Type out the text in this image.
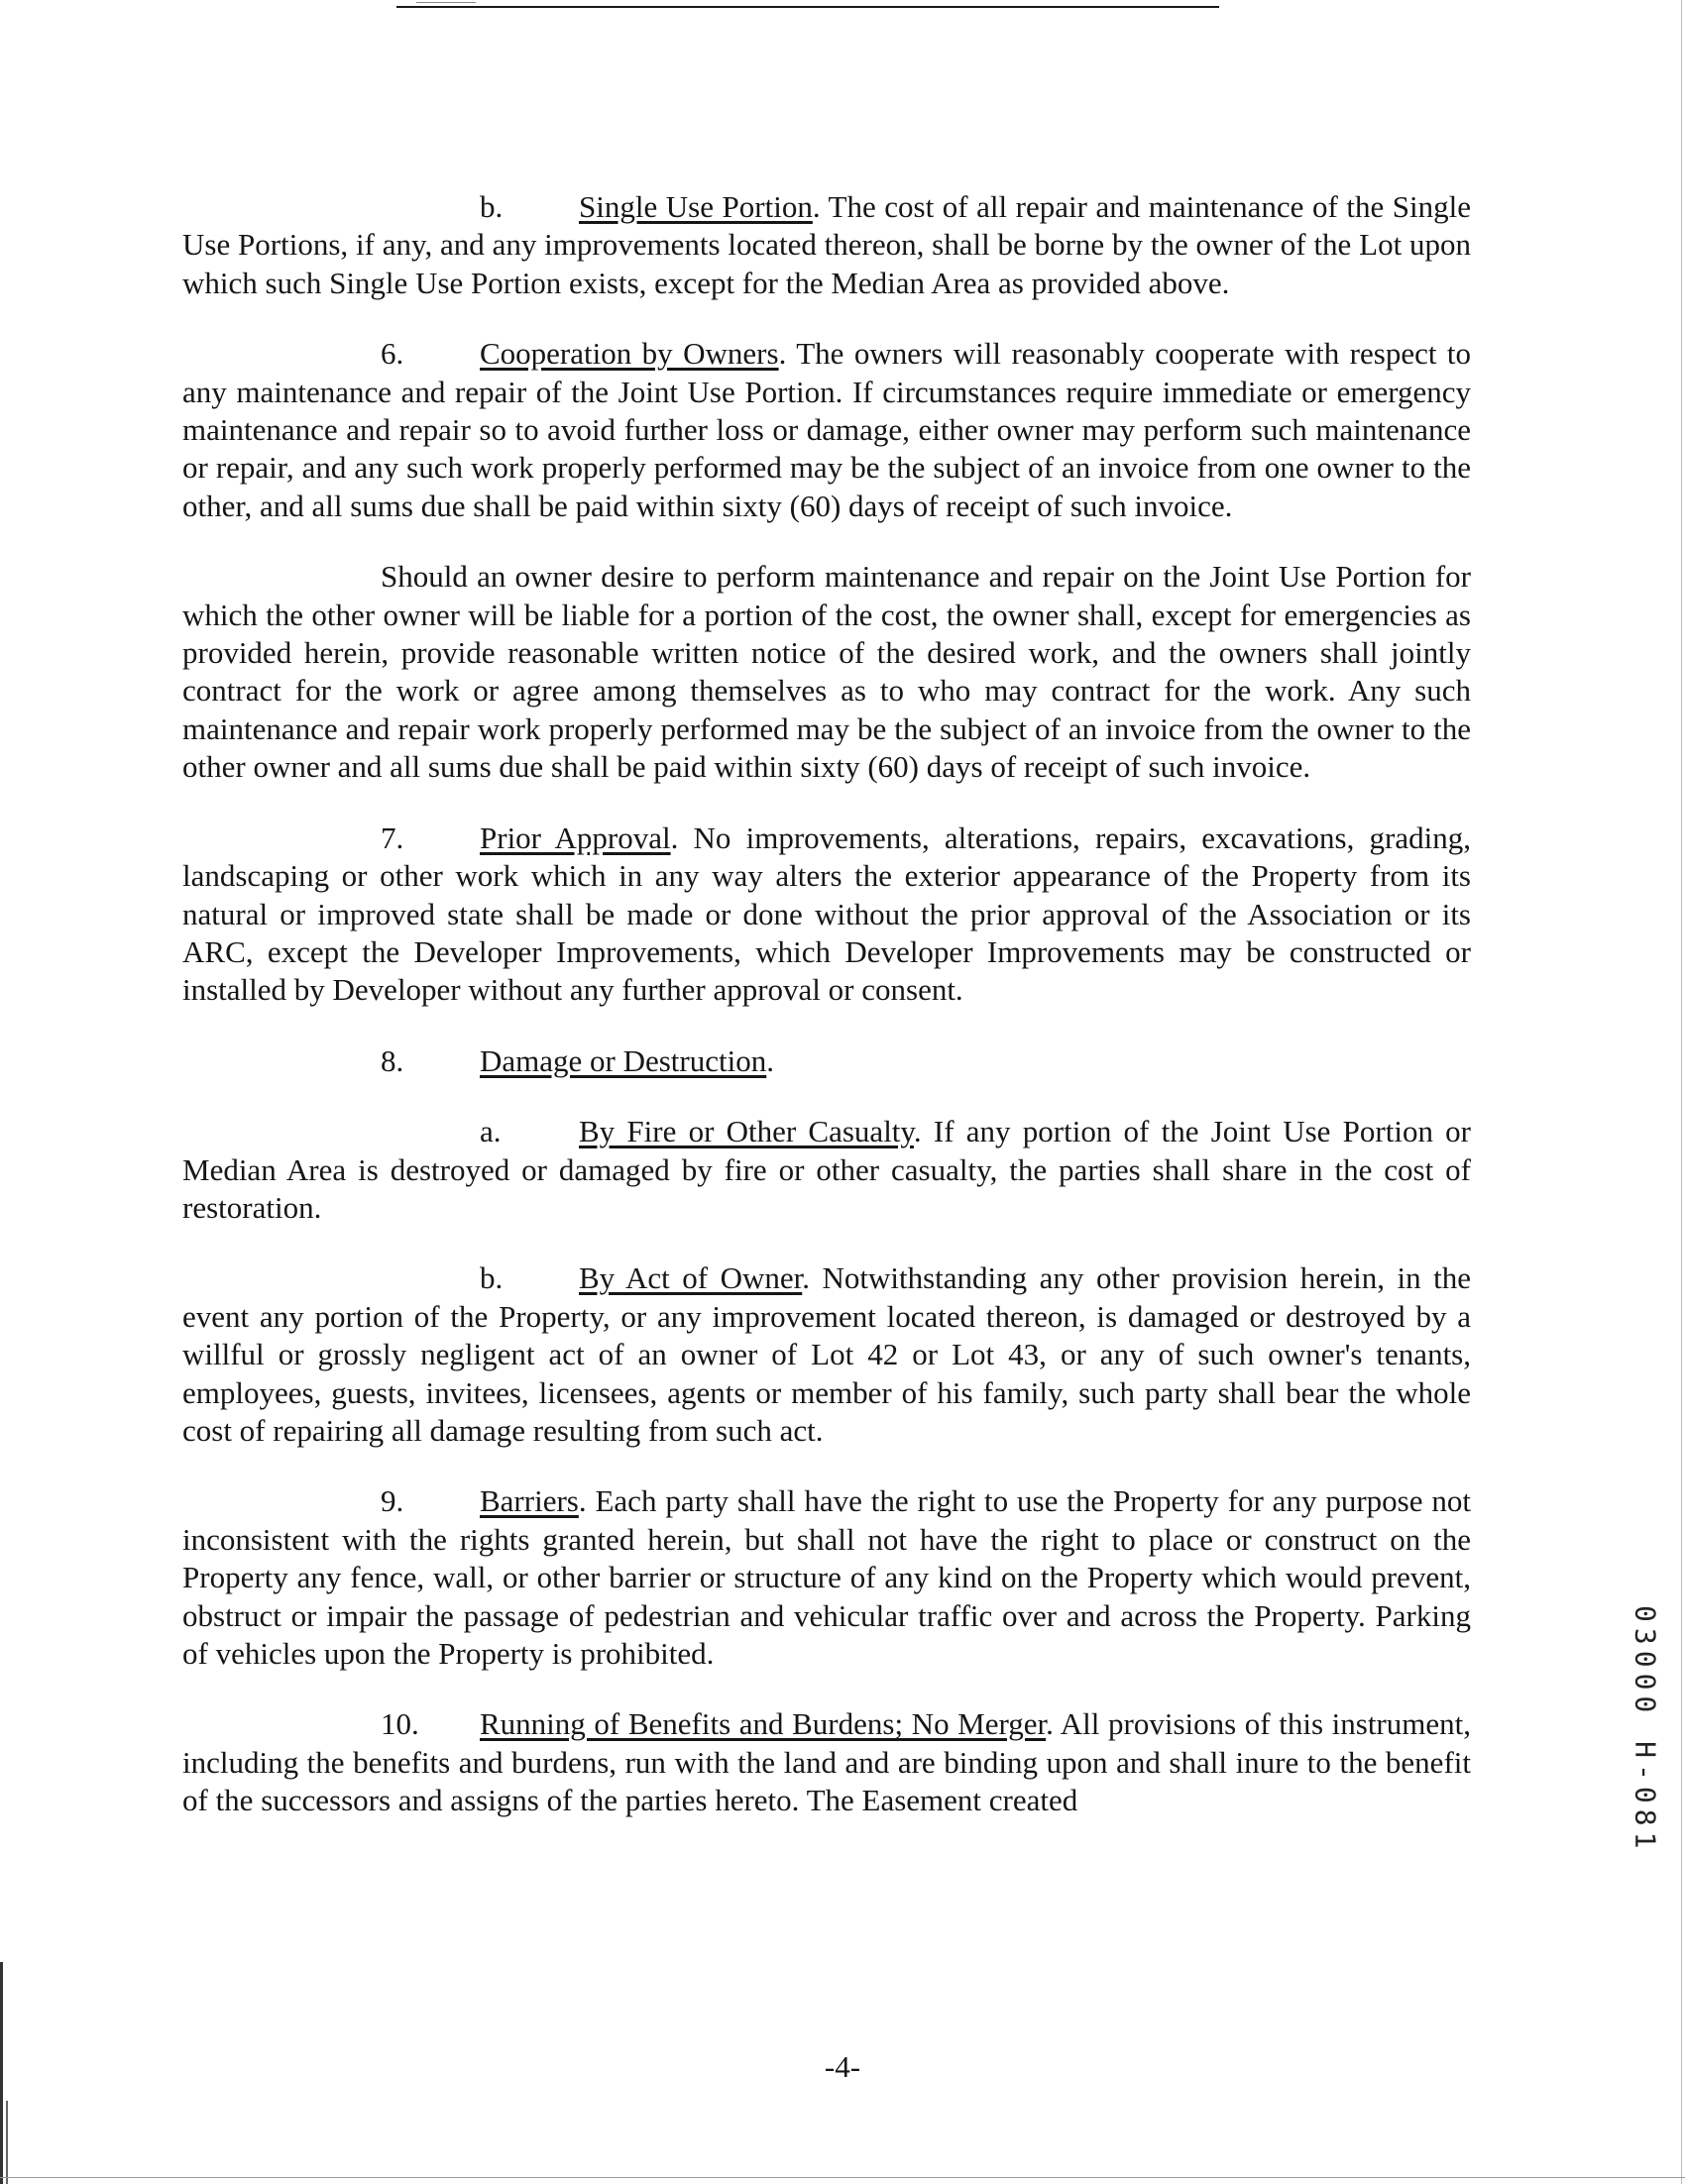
b. Single Use Portion. The cost of all repair and maintenance of the Single Use Portions, if any, and any improvements located thereon, shall be borne by the owner of the Lot upon which such Single Use Portion exists, except for the Median Area as provided above.

6. Cooperation by Owners. The owners will reasonably cooperate with respect to any maintenance and repair of the Joint Use Portion. If circumstances require immediate or emergency maintenance and repair so to avoid further loss or damage, either owner may perform such maintenance or repair, and any such work properly performed may be the subject of an invoice from one owner to the other, and all sums due shall be paid within sixty (60) days of receipt of such invoice.

Should an owner desire to perform maintenance and repair on the Joint Use Portion for which the other owner will be liable for a portion of the cost, the owner shall, except for emergencies as provided herein, provide reasonable written notice of the desired work, and the owners shall jointly contract for the work or agree among themselves as to who may contract for the work. Any such maintenance and repair work properly performed may be the subject of an invoice from the owner to the other owner and all sums due shall be paid within sixty (60) days of receipt of such invoice.

7. Prior Approval. No improvements, alterations, repairs, excavations, grading, landscaping or other work which in any way alters the exterior appearance of the Property from its natural or improved state shall be made or done without the prior approval of the Association or its ARC, except the Developer Improvements, which Developer Improvements may be constructed or installed by Developer without any further approval or consent.

8. Damage or Destruction.

a.	By Fire or Other Casualty. If any portion of the Joint Use Portion or Median Area is destroyed or damaged by fire or other casualty, the parties shall share in the cost of restoration.

b. By Act of Owner. Notwithstanding any other provision herein, in the event any portion of the Property, or any improvement located thereon, is damaged or destroyed by a willful or grossly negligent act of an owner of Lot 42 or Lot 43, or any of such owner's tenants, employees, guests, invitees, licensees, agents or member of his family, such party shall bear the whole cost of repairing all damage resulting from such act.

9. Barriers. Each party shall have the right to use the Property for any purpose not inconsistent with the rights granted herein, but shall not have the right to place or construct on the Property any fence, wall, or other barrier or structure of any kind on the Property which would prevent, obstruct or impair the passage of pedestrian and vehicular traffic over and across the Property. Parking of vehicles upon the Property is prohibited.

10. Running of Benefits and Burdens; No Merger. All provisions of this instrument, including the benefits and burdens, run with the land and are binding upon and shall inure to the benefit of the successors and assigns of the parties hereto. The Easement created

-4-
03000 H-081
